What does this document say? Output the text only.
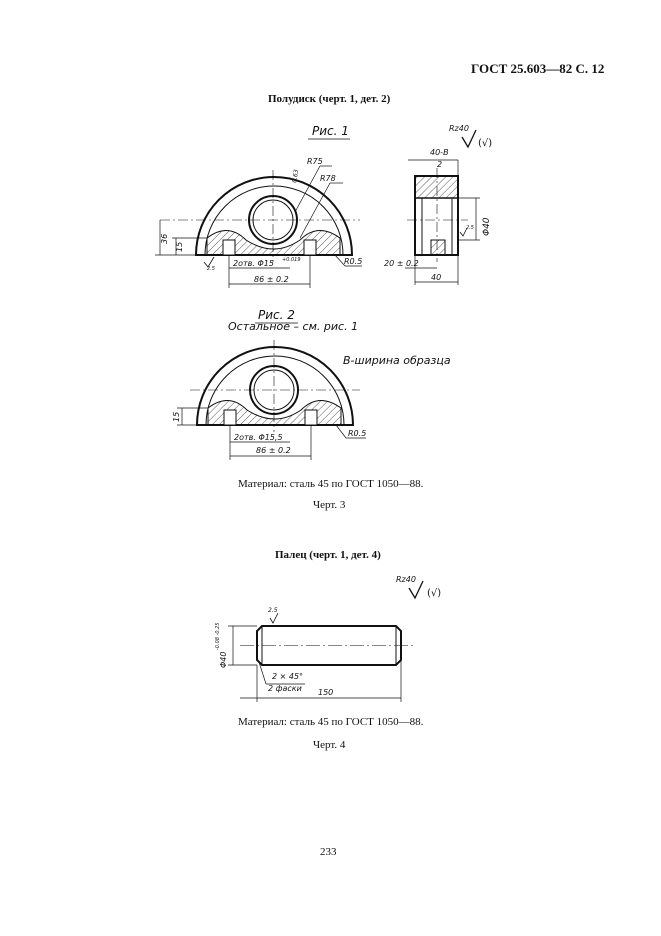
ГОСТ 25.603—82 С. 12
Полудиск (черт. 1, дет. 2)
Рис. 1
R75
R78
0.63
36
15
2.5
2отв. Φ15 +0.019
86 ± 0.2
R0.5
Rz40
(√)
40-В
2
Φ40
2.5
20 ± 0.2
40
Рис. 2
Остальное – см. рис. 1
В-ширина образца
15
2отв. Φ15,5
86 ± 0.2
R0.5
Материал: сталь 45 по ГОСТ 1050—88.
Черт. 3
Палец (черт. 1, дет. 4)
Rz40
(√)
2.5
Φ40
-0.08 -0.25
2 × 45°
2 фаски 150
Материал: сталь 45 по ГОСТ 1050—88.
Черт. 4
233
